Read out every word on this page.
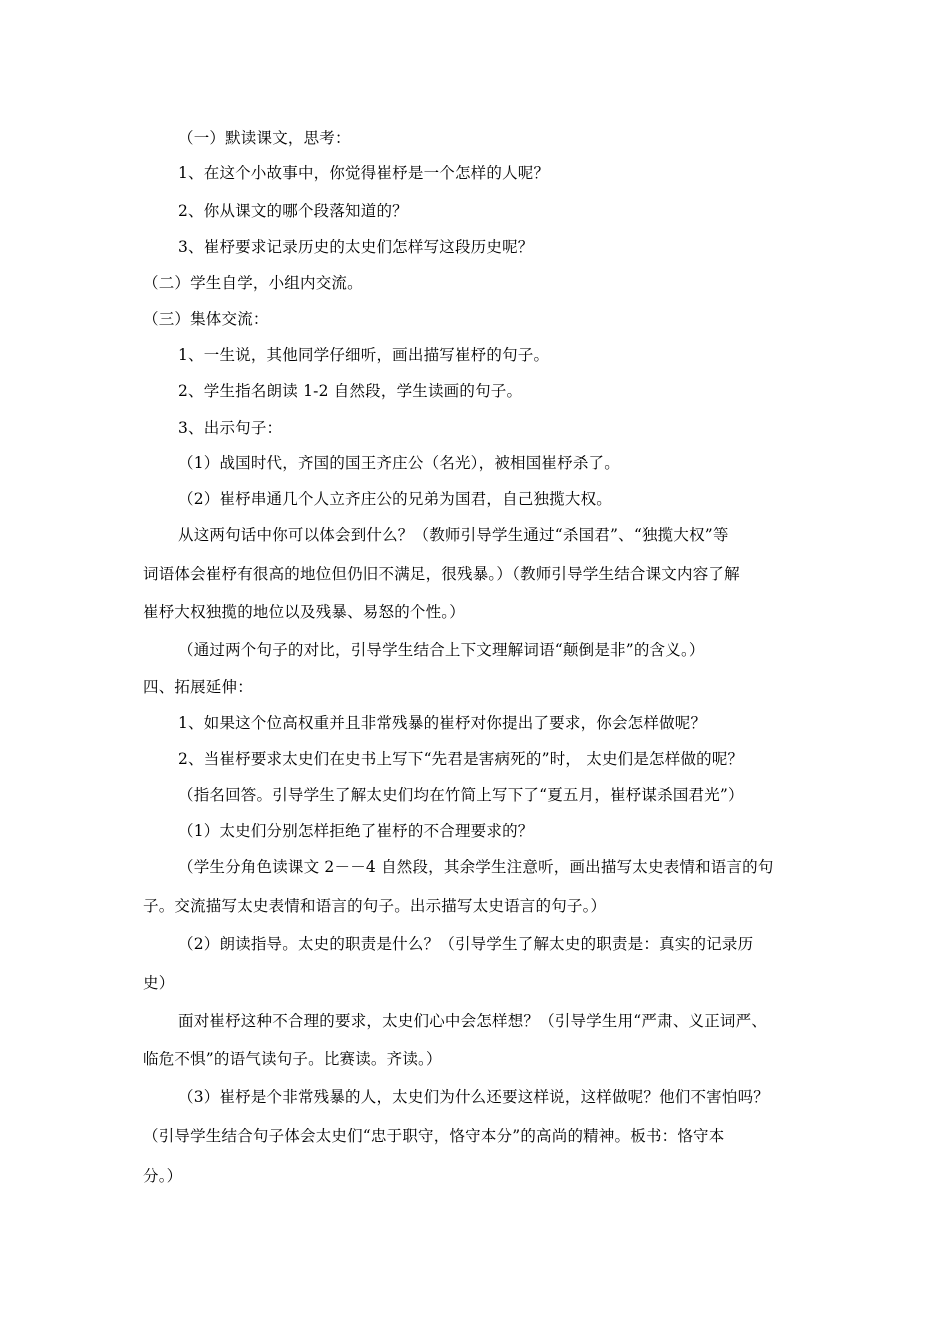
（一）默读课文，思考：
1、在这个小故事中，你觉得崔杼是一个怎样的人呢？
2、你从课文的哪个段落知道的？
3、崔杼要求记录历史的太史们怎样写这段历史呢？
（二）学生自学，小组内交流。
（三）集体交流：
1、一生说，其他同学仔细听，画出描写崔杼的句子。
2、学生指名朗读 1-2 自然段，学生读画的句子。
3、出示句子：
（1）战国时代，齐国的国王齐庄公（名光），被相国崔杼杀了。
（2）崔杼串通几个人立齐庄公的兄弟为国君，自己独揽大权。
从这两句话中你可以体会到什么？（教师引导学生通过“杀国君”、“独揽大权”等
词语体会崔杼有很高的地位但仍旧不满足，很残暴。）（教师引导学生结合课文内容了解
崔杼大权独揽的地位以及残暴、易怒的个性。）
（通过两个句子的对比，引导学生结合上下文理解词语“颠倒是非”的含义。）
四、拓展延伸：
1、如果这个位高权重并且非常残暴的崔杼对你提出了要求，你会怎样做呢？
2、当崔杼要求太史们在史书上写下“先君是害病死的”时， 太史们是怎样做的呢？
（指名回答。引导学生了解太史们均在竹简上写下了“夏五月，崔杼谋杀国君光”）
（1）太史们分别怎样拒绝了崔杼的不合理要求的？
（学生分角色读课文 2－－4 自然段，其余学生注意听，画出描写太史表情和语言的句
子。交流描写太史表情和语言的句子。出示描写太史语言的句子。）
（2）朗读指导。太史的职责是什么？（引导学生了解太史的职责是：真实的记录历
史）
面对崔杼这种不合理的要求，太史们心中会怎样想？（引导学生用“严肃、义正词严、
临危不惧”的语气读句子。比赛读。齐读。）
（3）崔杼是个非常残暴的人，太史们为什么还要这样说，这样做呢？他们不害怕吗？
（引导学生结合句子体会太史们“忠于职守，恪守本分”的高尚的精神。板书：恪守本
分。）
